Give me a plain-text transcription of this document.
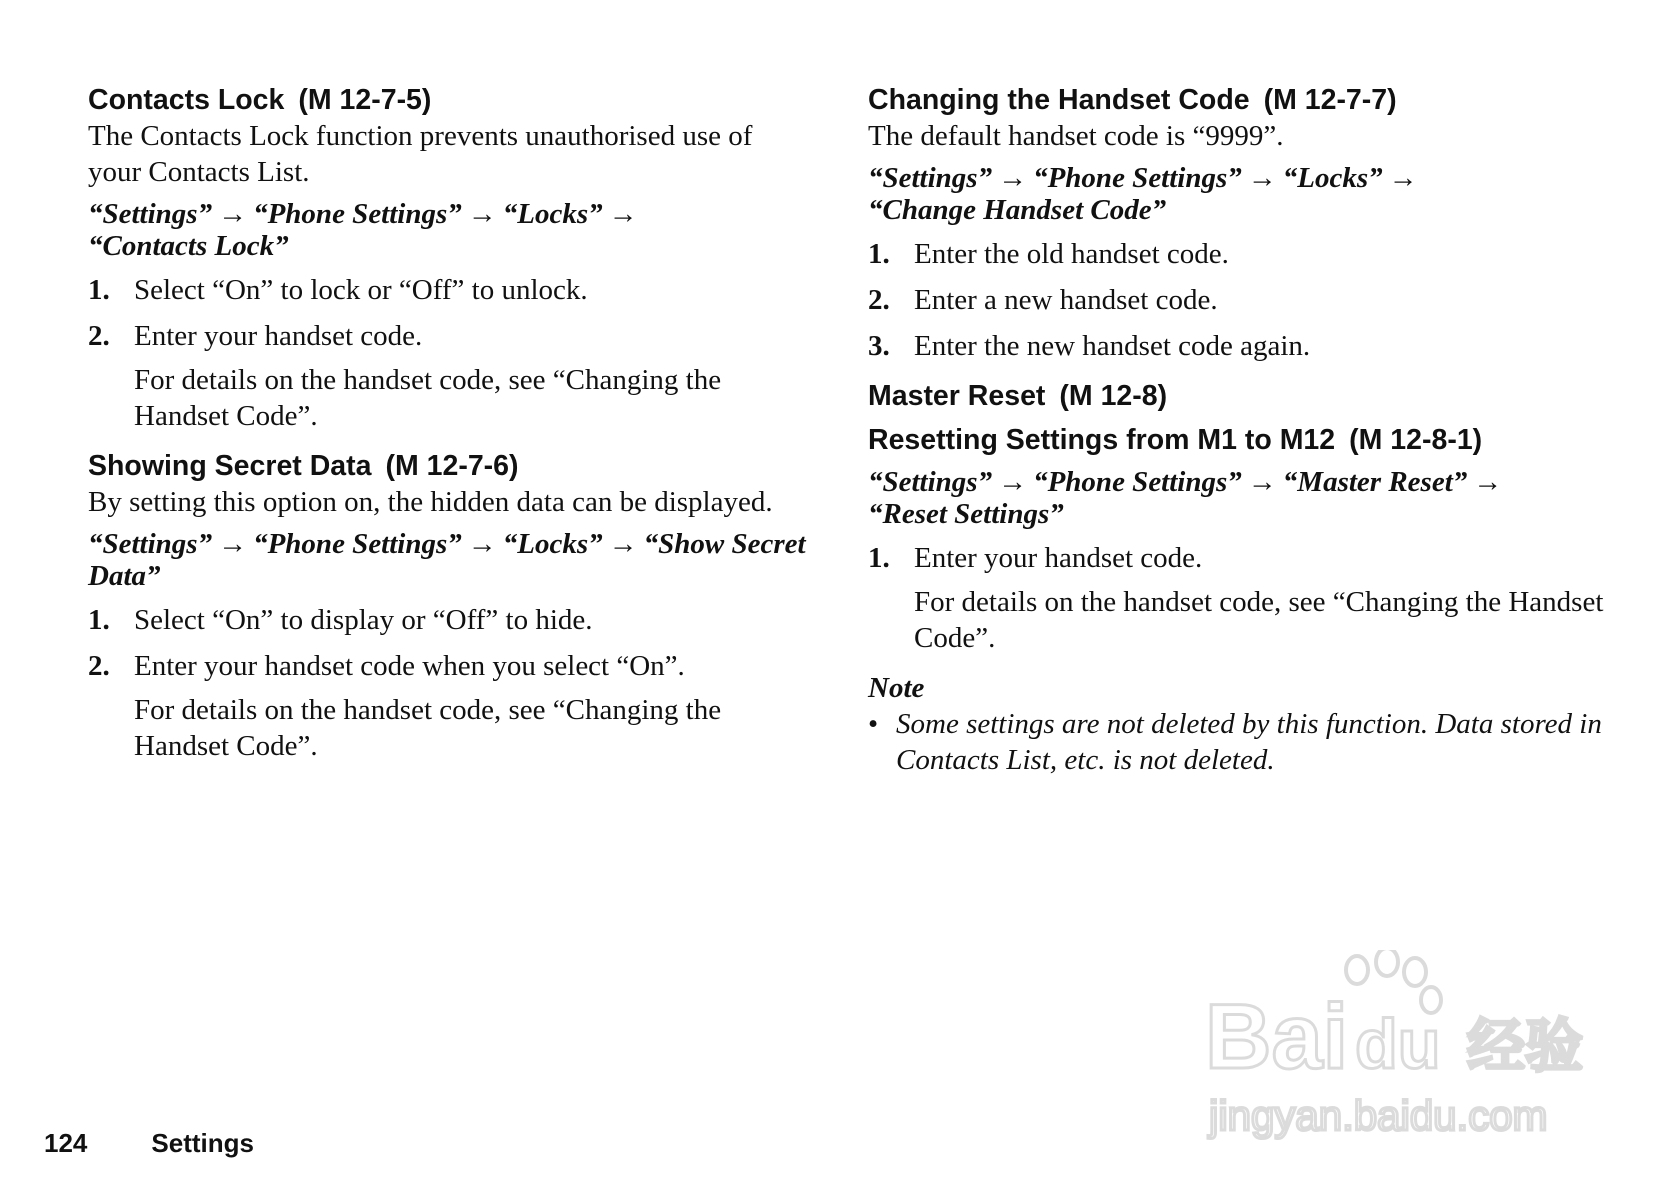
Contacts Lock (M 12-7-5)

The Contacts Lock function prevents unauthorised use of your Contacts List.

“Settings” → “Phone Settings” → “Locks” →
“Contacts Lock”

1. Select “On” to lock or “Off” to unlock.

2. Enter your handset code.

For details on the handset code, see “Changing the Handset Code”.

Showing Secret Data (M 12-7-6)

By setting this option on, the hidden data can be displayed.

“Settings” → “Phone Settings” → “Locks” → “Show Secret Data”

1. Select “On” to display or “Off” to hide.

2. Enter your handset code when you select “On”.

For details on the handset code, see “Changing the Handset Code”.

Changing the Handset Code (M 12-7-7)

The default handset code is “9999”.

“Settings” → “Phone Settings” → “Locks” →
“Change Handset Code”

1. Enter the old handset code.

2. Enter a new handset code.

3. Enter the new handset code again.

Master Reset (M 12-8)
Resetting Settings from M1 to M12 (M 12-8-1)

“Settings” → “Phone Settings” → “Master Reset” →
“Reset Settings”

1. Enter your handset code.

For details on the handset code, see “Changing the Handset Code”.

Note

• Some settings are not deleted by this function. Data stored in Contacts List, etc. is not deleted.

124 Settings
Bai du 经验
jingyan.baidu.com
